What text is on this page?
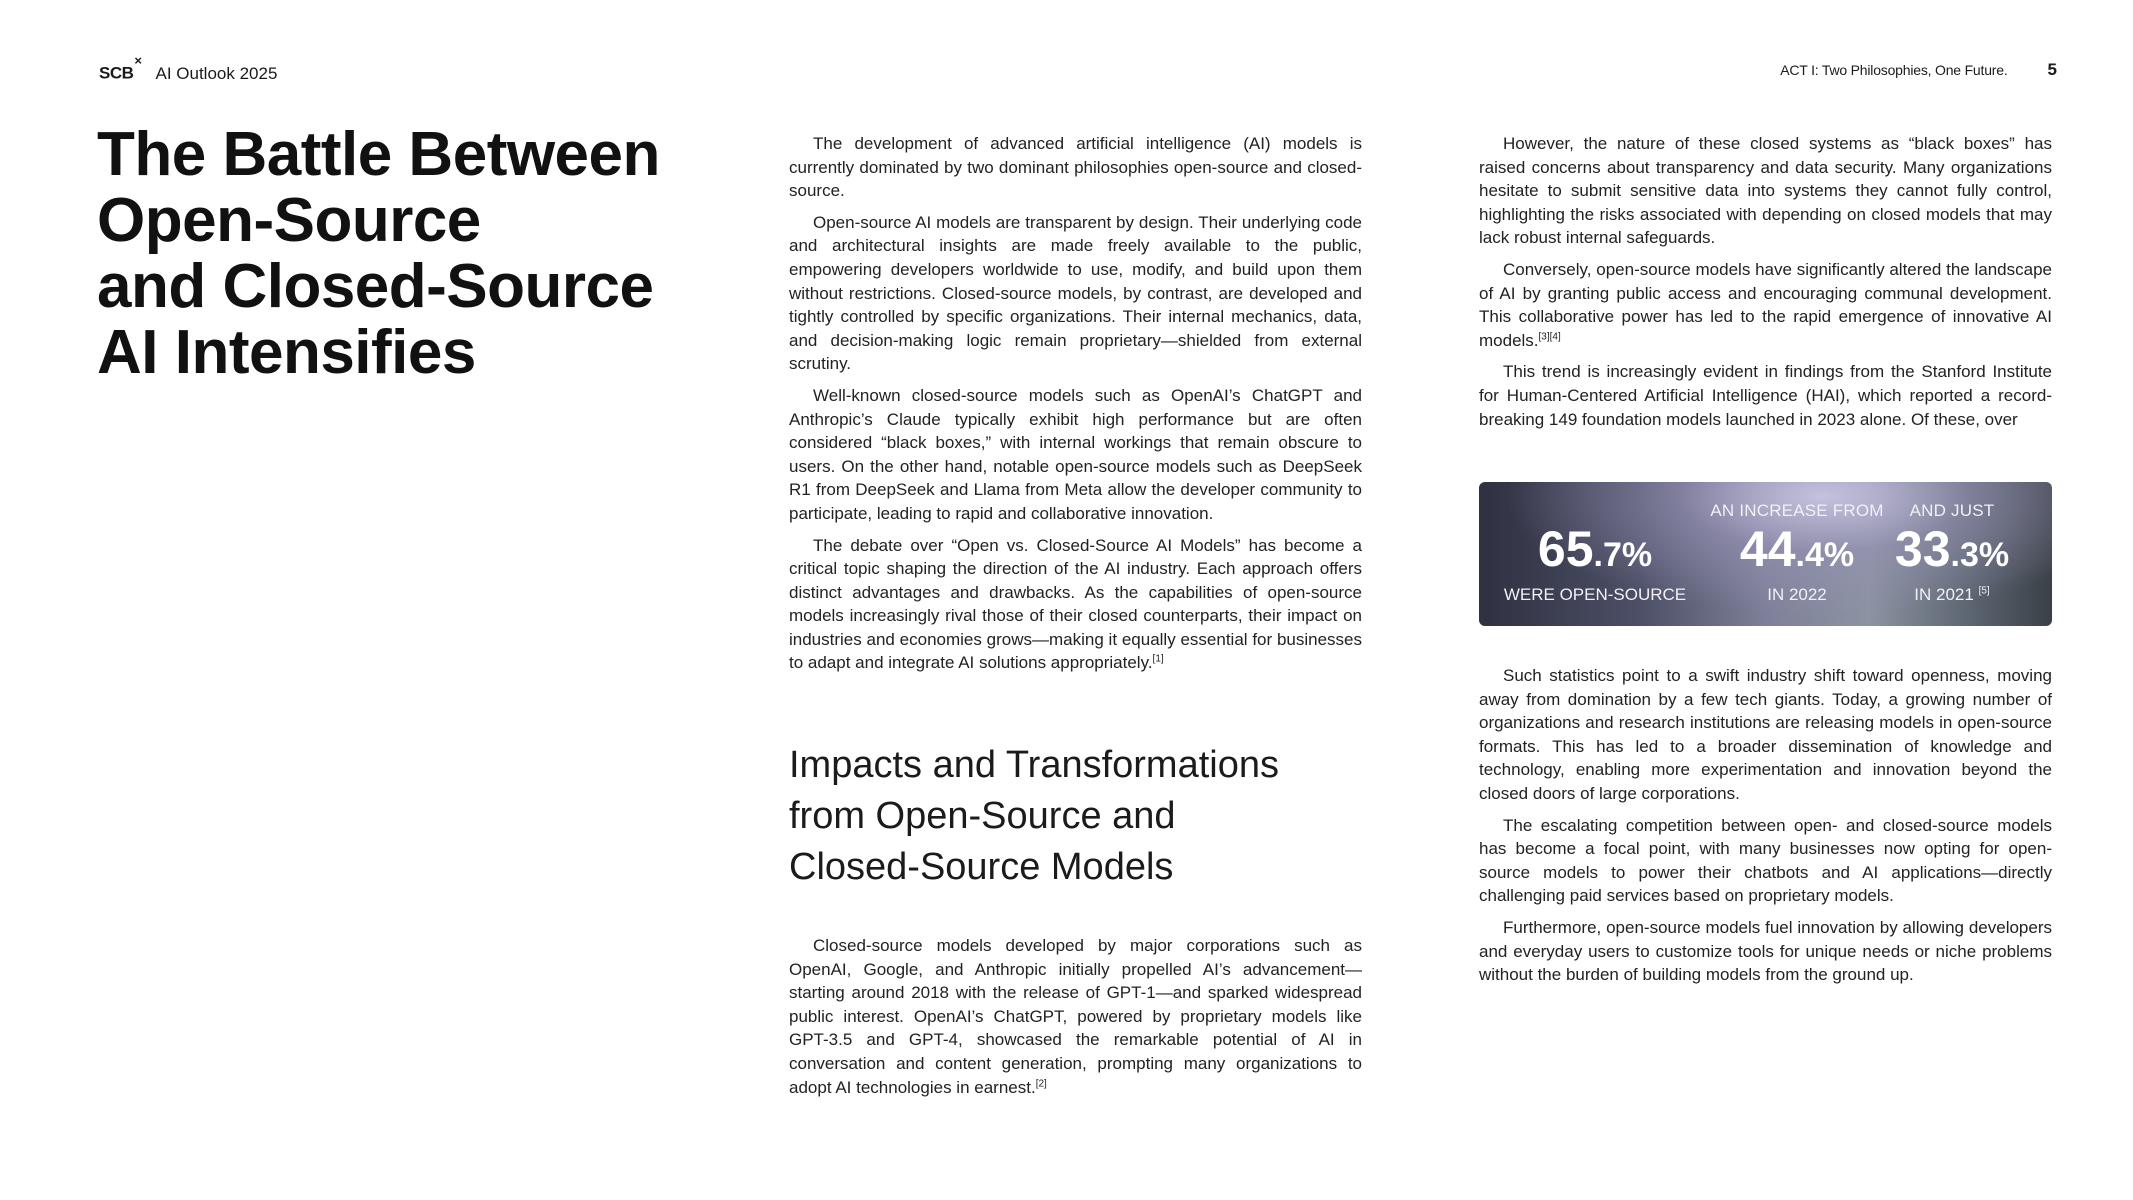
SCB×
AI Outlook 2025	ACT I: Two Philosophies, One Future. 5
The Battle Between
Open-Source
and Closed-Source
AI Intensifies

The development of advanced artificial intelligence (AI) models is currently dominated by two dominant philosophies open-source and closed-source.

Open-source AI models are transparent by design. Their underlying code and architectural insights are made freely available to the public, empowering developers worldwide to use, modify, and build upon them without restrictions. Closed-source models, by contrast, are developed and tightly controlled by specific organizations. Their internal mechanics, data, and decision-making logic remain proprietary—shielded from external scrutiny.

Well-known closed-source models such as OpenAI’s ChatGPT and Anthropic’s Claude typically exhibit high performance but are often considered “black boxes,” with internal workings that remain obscure to users. On the other hand, notable open-source models such as DeepSeek R1 from DeepSeek and Llama from Meta allow the developer community to participate, leading to rapid and collaborative innovation.

The debate over “Open vs. Closed-Source AI Models” has become a critical topic shaping the direction of the AI industry. Each approach offers distinct advantages and drawbacks. As the capabilities of open-source models increasingly rival those of their closed counterparts, their impact on industries and economies grows—making it equally essential for businesses to adapt and integrate AI solutions appropriately.[1]

Impacts and Transformations
from Open-Source and
Closed-Source Models

Closed-source models developed by major corporations such as OpenAI, Google, and Anthropic initially propelled AI’s advancement—starting around 2018 with the release of GPT-1—and sparked widespread public interest. OpenAI’s ChatGPT, powered by proprietary models like GPT-3.5 and GPT-4, showcased the remarkable potential of AI in conversation and content generation, prompting many organizations to adopt AI technologies in earnest.[2]

However, the nature of these closed systems as “black boxes” has raised concerns about transparency and data security. Many organizations hesitate to submit sensitive data into systems they cannot fully control, highlighting the risks associated with depending on closed models that may lack robust internal safeguards.

Conversely, open-source models have significantly altered the landscape of AI by granting public access and encouraging communal development. This collaborative power has led to the rapid emergence of innovative AI models.[3][4]

This trend is increasingly evident in findings from the Stanford Institute for Human-Centered Artificial Intelligence (HAI), which reported a record-breaking 149 foundation models launched in 2023 alone. Of these, over

65.7%
WERE OPEN-SOURCE
AN INCREASE FROM
44.4%
IN 2022
AND JUST
33.3%
IN 2021 [5]

Such statistics point to a swift industry shift toward openness, moving away from domination by a few tech giants. Today, a growing number of organizations and research institutions are releasing models in open-source formats. This has led to a broader dissemination of knowledge and technology, enabling more experimentation and innovation beyond the closed doors of large corporations.

The escalating competition between open- and closed-source models has become a focal point, with many businesses now opting for open-source models to power their chatbots and AI applications—directly challenging paid services based on proprietary models.

Furthermore, open-source models fuel innovation by allowing developers and everyday users to customize tools for unique needs or niche problems without the burden of building models from the ground up.
